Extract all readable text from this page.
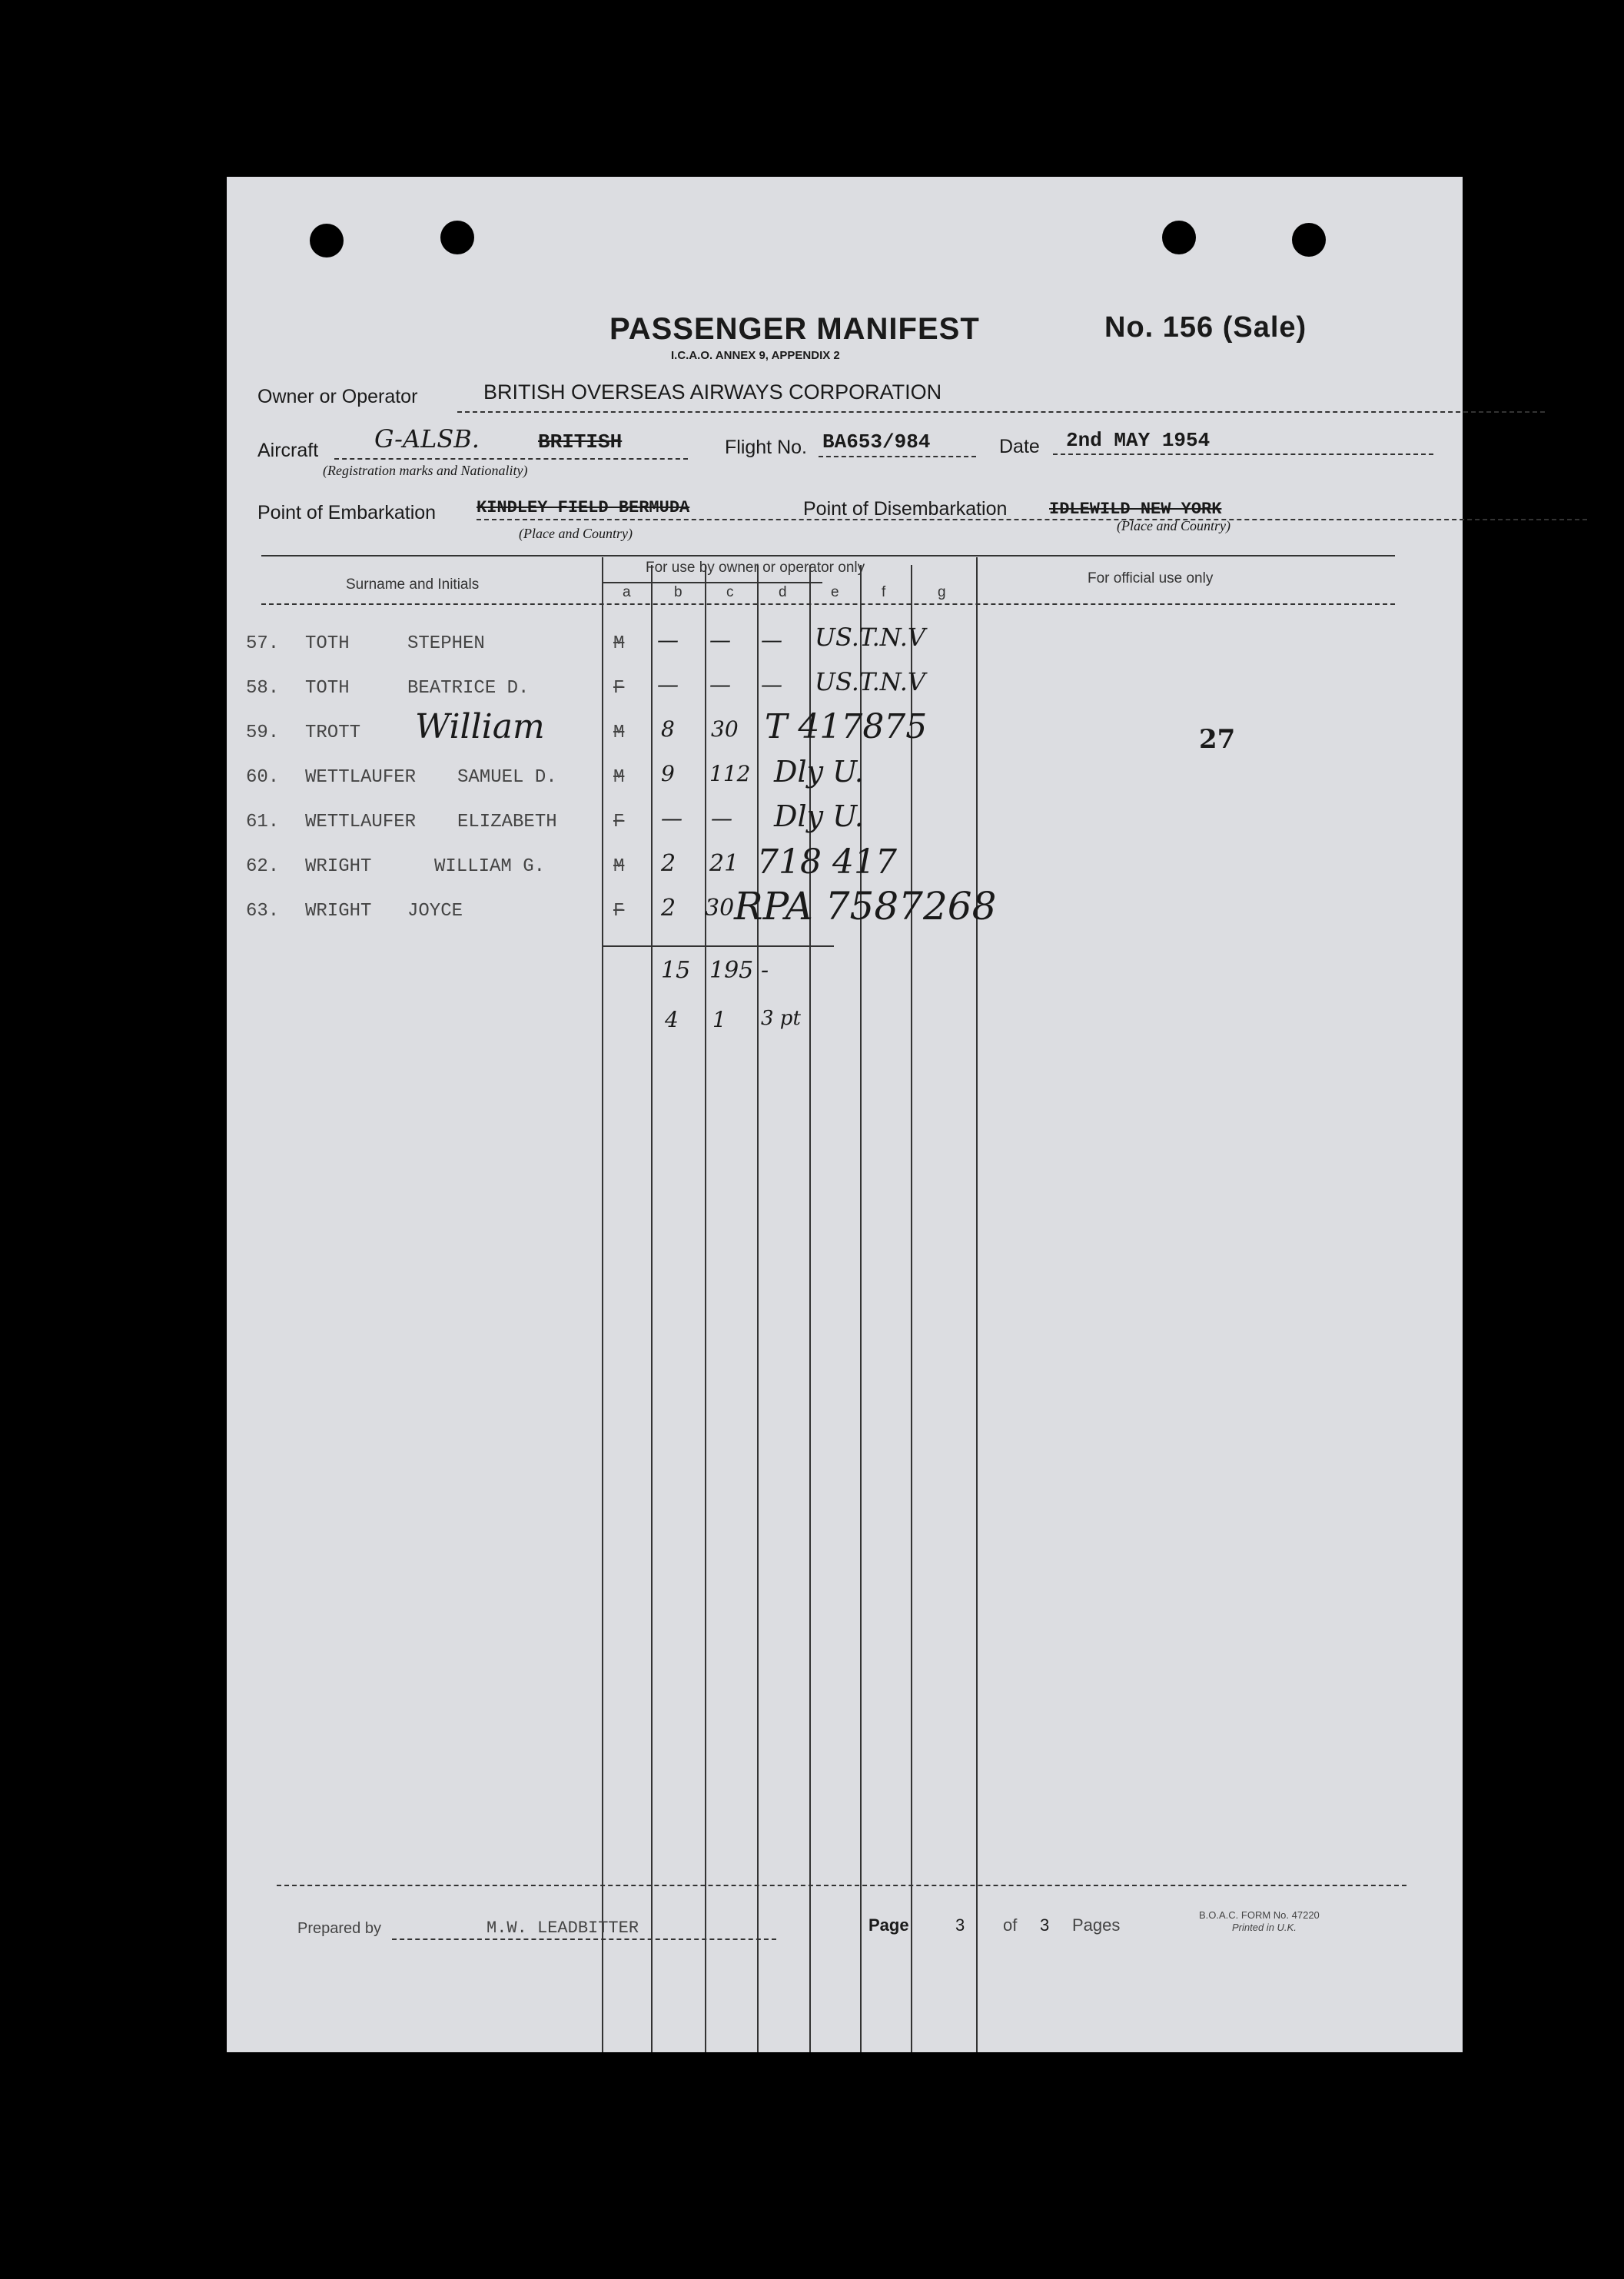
PASSENGER MANIFEST
I.C.A.O. ANNEX 9, APPENDIX 2
No. 156 (Sale)
Owner or Operator	BRITISH OVERSEAS AIRWAYS CORPORATION
Aircraft G-ALSB.	BRITISH
(Registration marks and Nationality)
Flight No. BA653/984	Date 2nd MAY 1954
Point of Embarkation KINDLEY FIELD BERMUDA
(Place and Country)
Point of Disembarkation IDLEWILD NEW YORK
(Place and Country)
Surname and Initials
For use by owner or operator only
For official use only
a	b	c	d	e	f	g
57. TOTH	STEPHEN	M — — — US.T.N.V
58. TOTH	BEATRICE D.	F — — — US.T.N.V
59. TROTT William	M 8 30 T 417875
60. WETTLAUFER SAMUEL D.	M 9 112 Dly U.
61. WETTLAUFER ELIZABETH	F — — Dly U.
62. WRIGHT	WILLIAM G.	M 2 21 718 417
63. WRIGHT JOYCE	F 2 30 RPA 7587268
15 195 -
4 1 3 pt
27
Prepared by	M.W. LEADBITTER	Page	3 of 3 Pages
B.O.A.C. FORM No. 47220
Printed in U.K.
